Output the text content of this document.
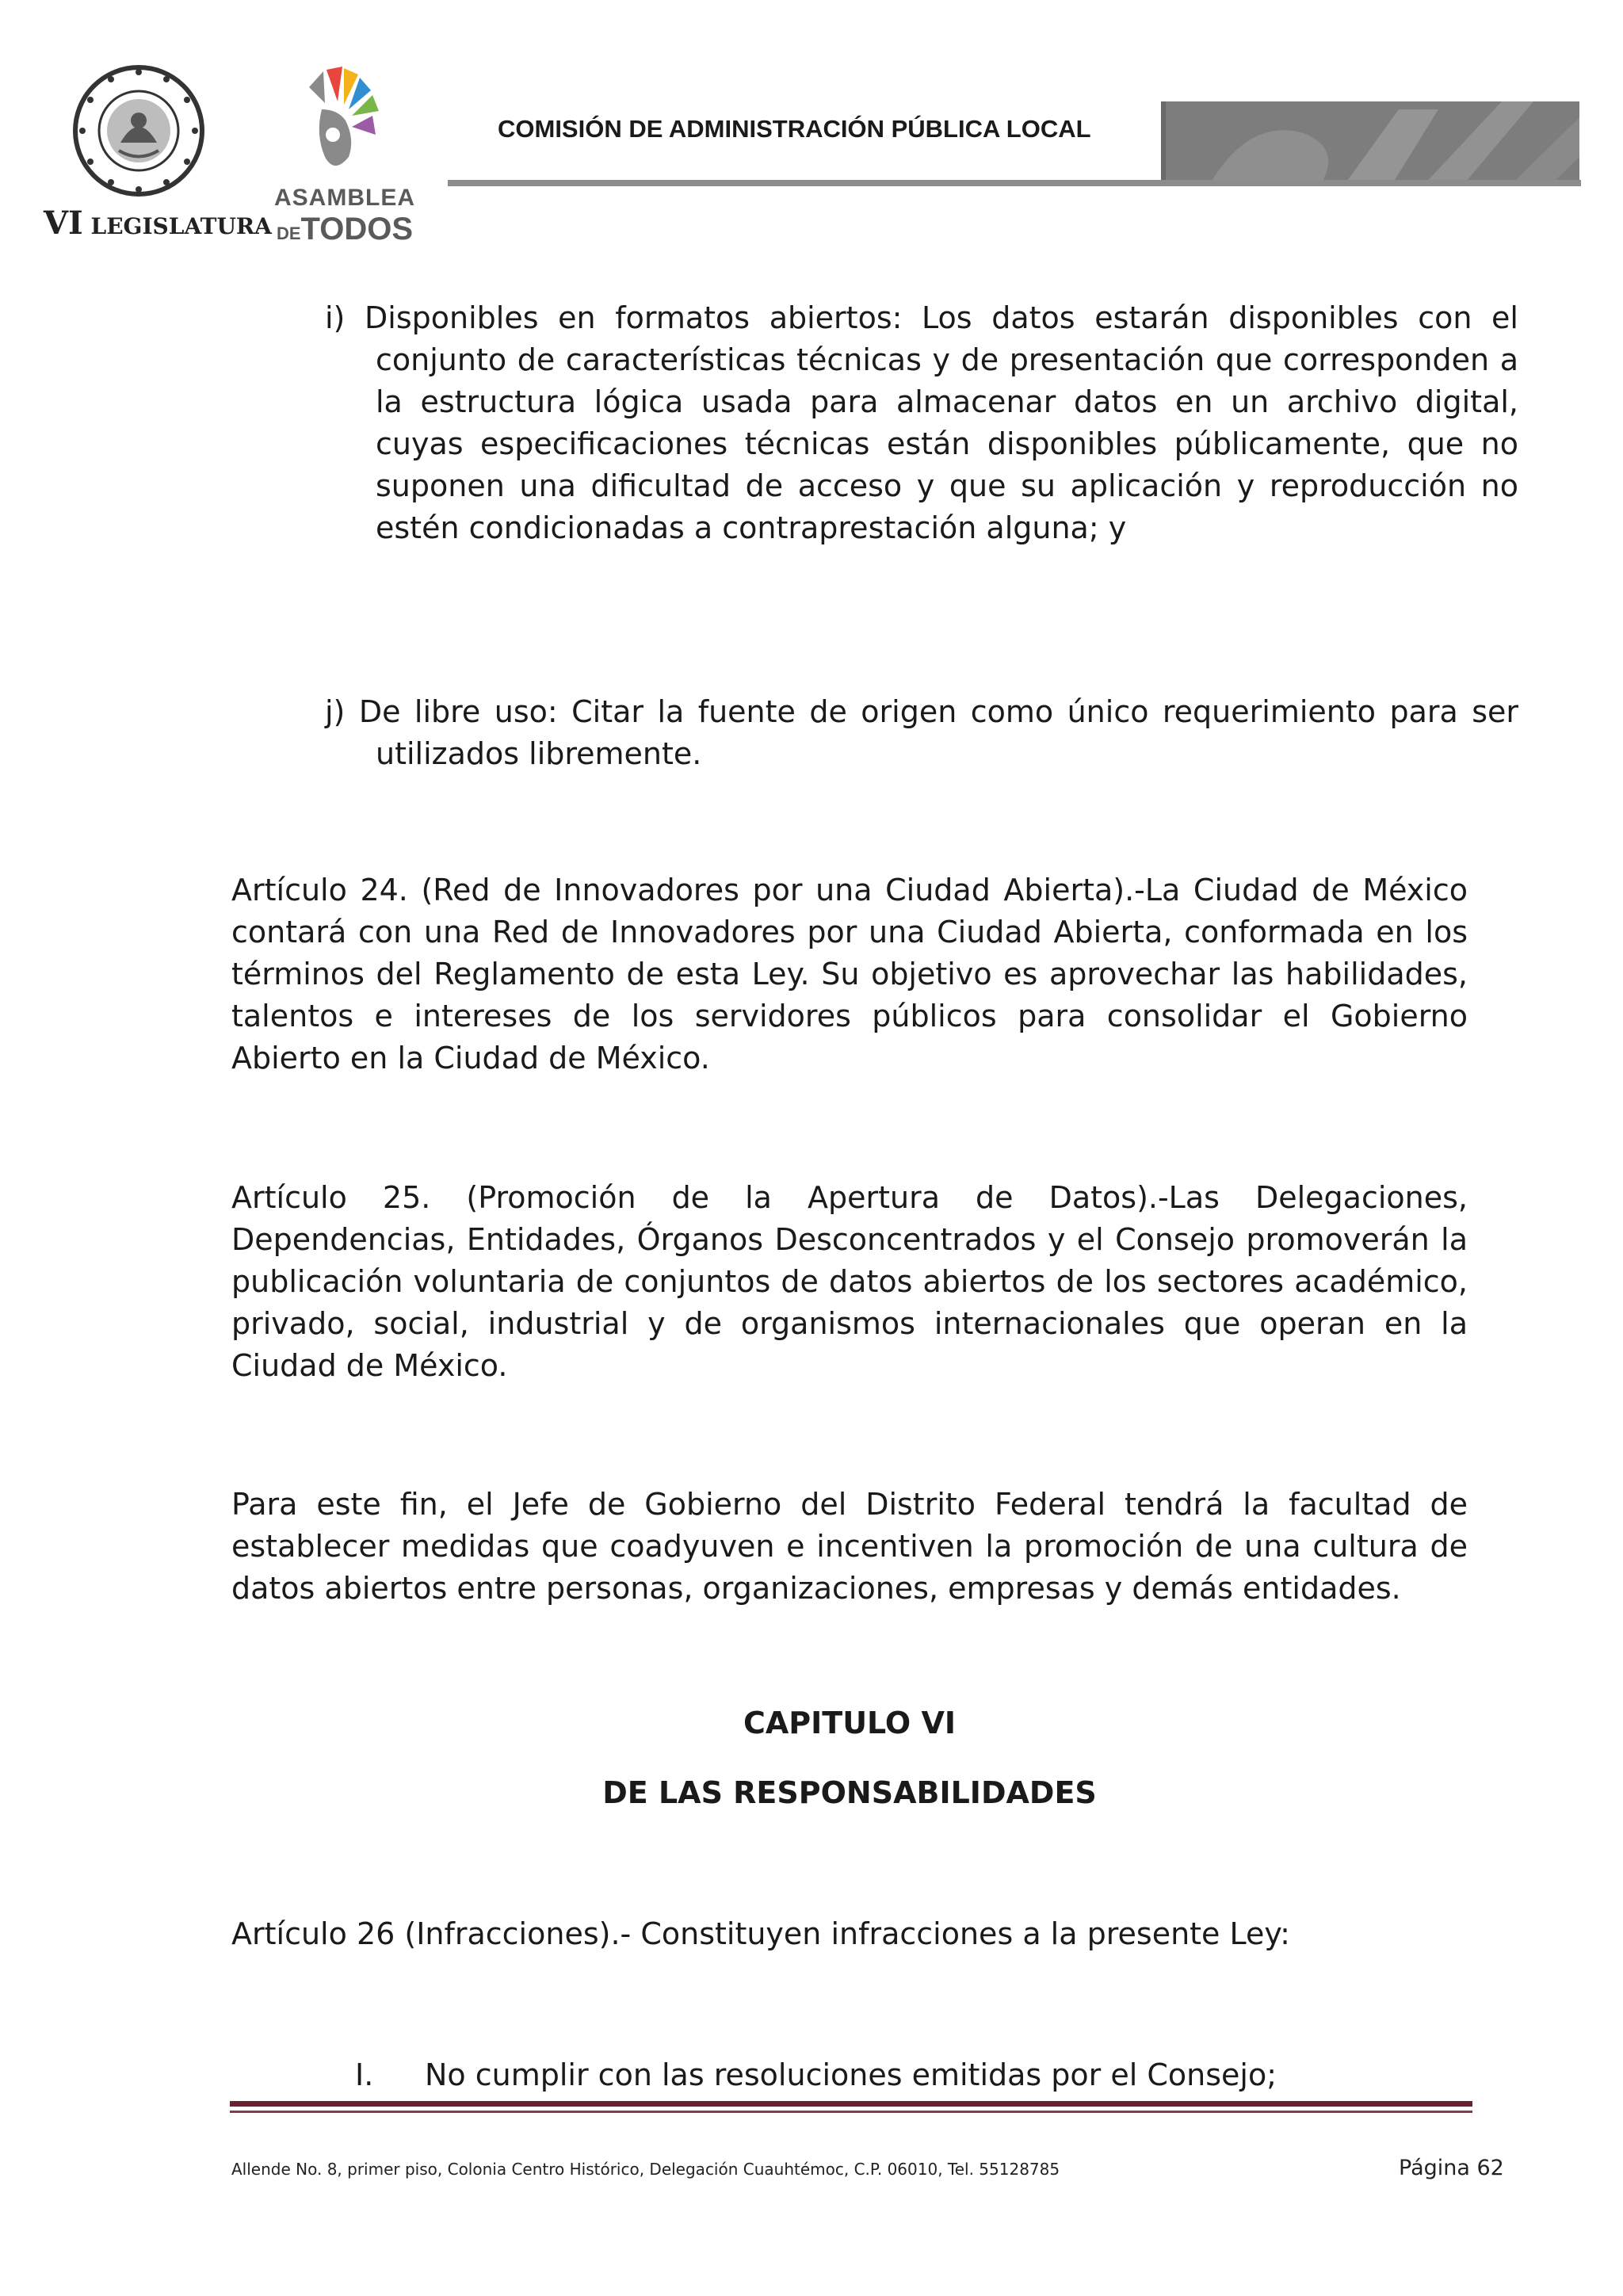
VI LEGISLATURA
ASAMBLEA
DETODOS
COMISIÓN DE ADMINISTRACIÓN PÚBLICA LOCAL

i) Disponibles en formatos abiertos: Los datos estarán disponibles con el conjunto de características técnicas y de presentación que corresponden a la estructura lógica usada para almacenar datos en un archivo digital, cuyas especificaciones técnicas están disponibles públicamente, que no suponen una dificultad de acceso y que su aplicación y reproducción no estén condicionadas a contraprestación alguna; y

j) De libre uso: Citar la fuente de origen como único requerimiento para ser utilizados libremente.

Artículo 24. (Red de Innovadores por una Ciudad Abierta).-La Ciudad de México contará con una Red de Innovadores por una Ciudad Abierta, conformada en los términos del Reglamento de esta Ley. Su objetivo es aprovechar las habilidades, talentos e intereses de los servidores públicos para consolidar el Gobierno Abierto en la Ciudad de México.

Artículo 25. (Promoción de la Apertura de Datos).-Las Delegaciones, Dependencias, Entidades, Órganos Desconcentrados y el Consejo promoverán la publicación voluntaria de conjuntos de datos abiertos de los sectores académico, privado, social, industrial y de organismos internacionales que operan en la Ciudad de México.

Para este fin, el Jefe de Gobierno del Distrito Federal tendrá la facultad de establecer medidas que coadyuven e incentiven la promoción de una cultura de datos abiertos entre personas, organizaciones, empresas y demás entidades.

CAPITULO VI
DE LAS RESPONSABILIDADES

Artículo 26 (Infracciones).- Constituyen infracciones a la presente Ley:

I. No cumplir con las resoluciones emitidas por el Consejo;
Allende No. 8, primer piso, Colonia Centro Histórico, Delegación Cuauhtémoc, C.P. 06010, Tel. 55128785	Página 62
